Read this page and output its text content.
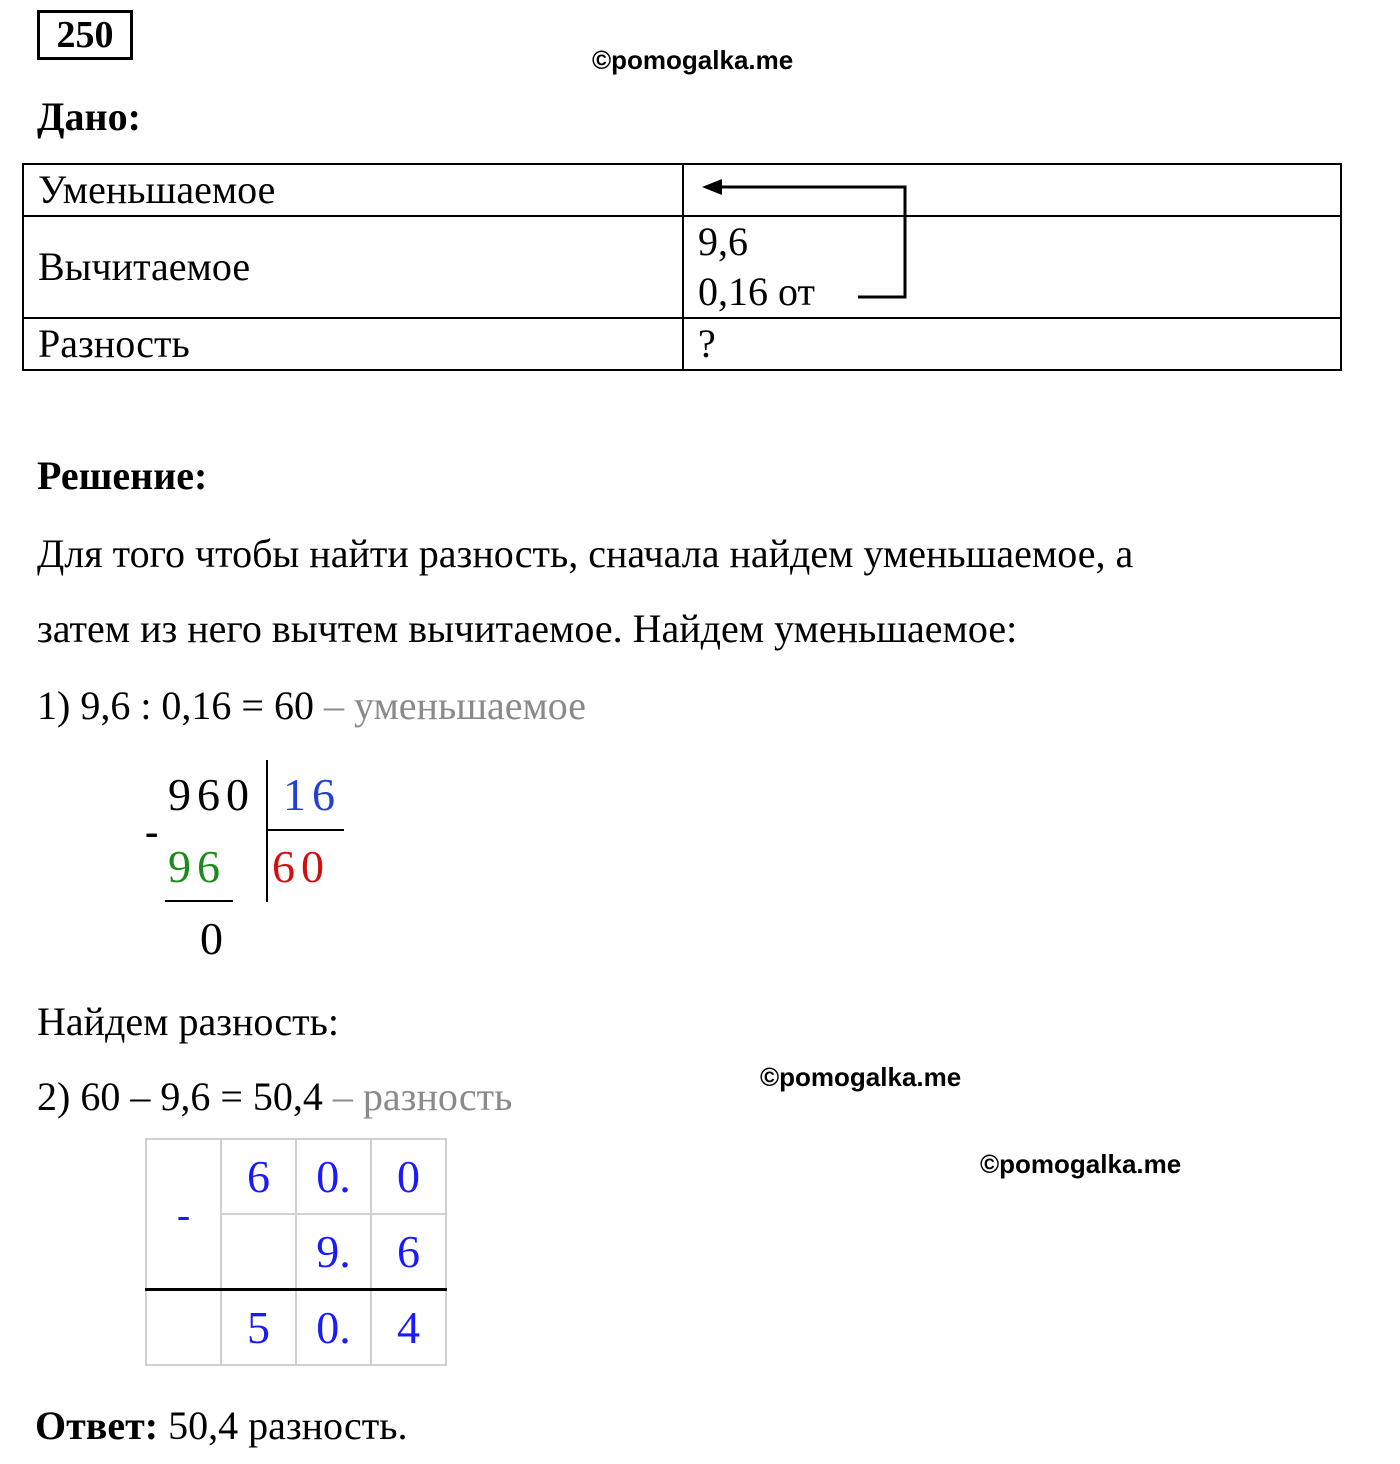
250
©pomogalka.me
Дано:
Уменьшаемое	
Вычитаемое	9,6
0,16 от

Разность	?
Решение:
Для того чтобы найти разность, сначала найдем уменьшаемое, а
затем из него вычтем вычитаемое. Найдем уменьшаемое:
1) 9,6 : 0,16 = 60 – уменьшаемое
960 16
-
96 60
0
Найдем разность:
2) 60 – 9,6 = 50,4 – разность	©pomogalka.me
©pomogalka.me
-	6	0.	0
		9.	6
	5	0.	4
Ответ: 50,4 разность.
